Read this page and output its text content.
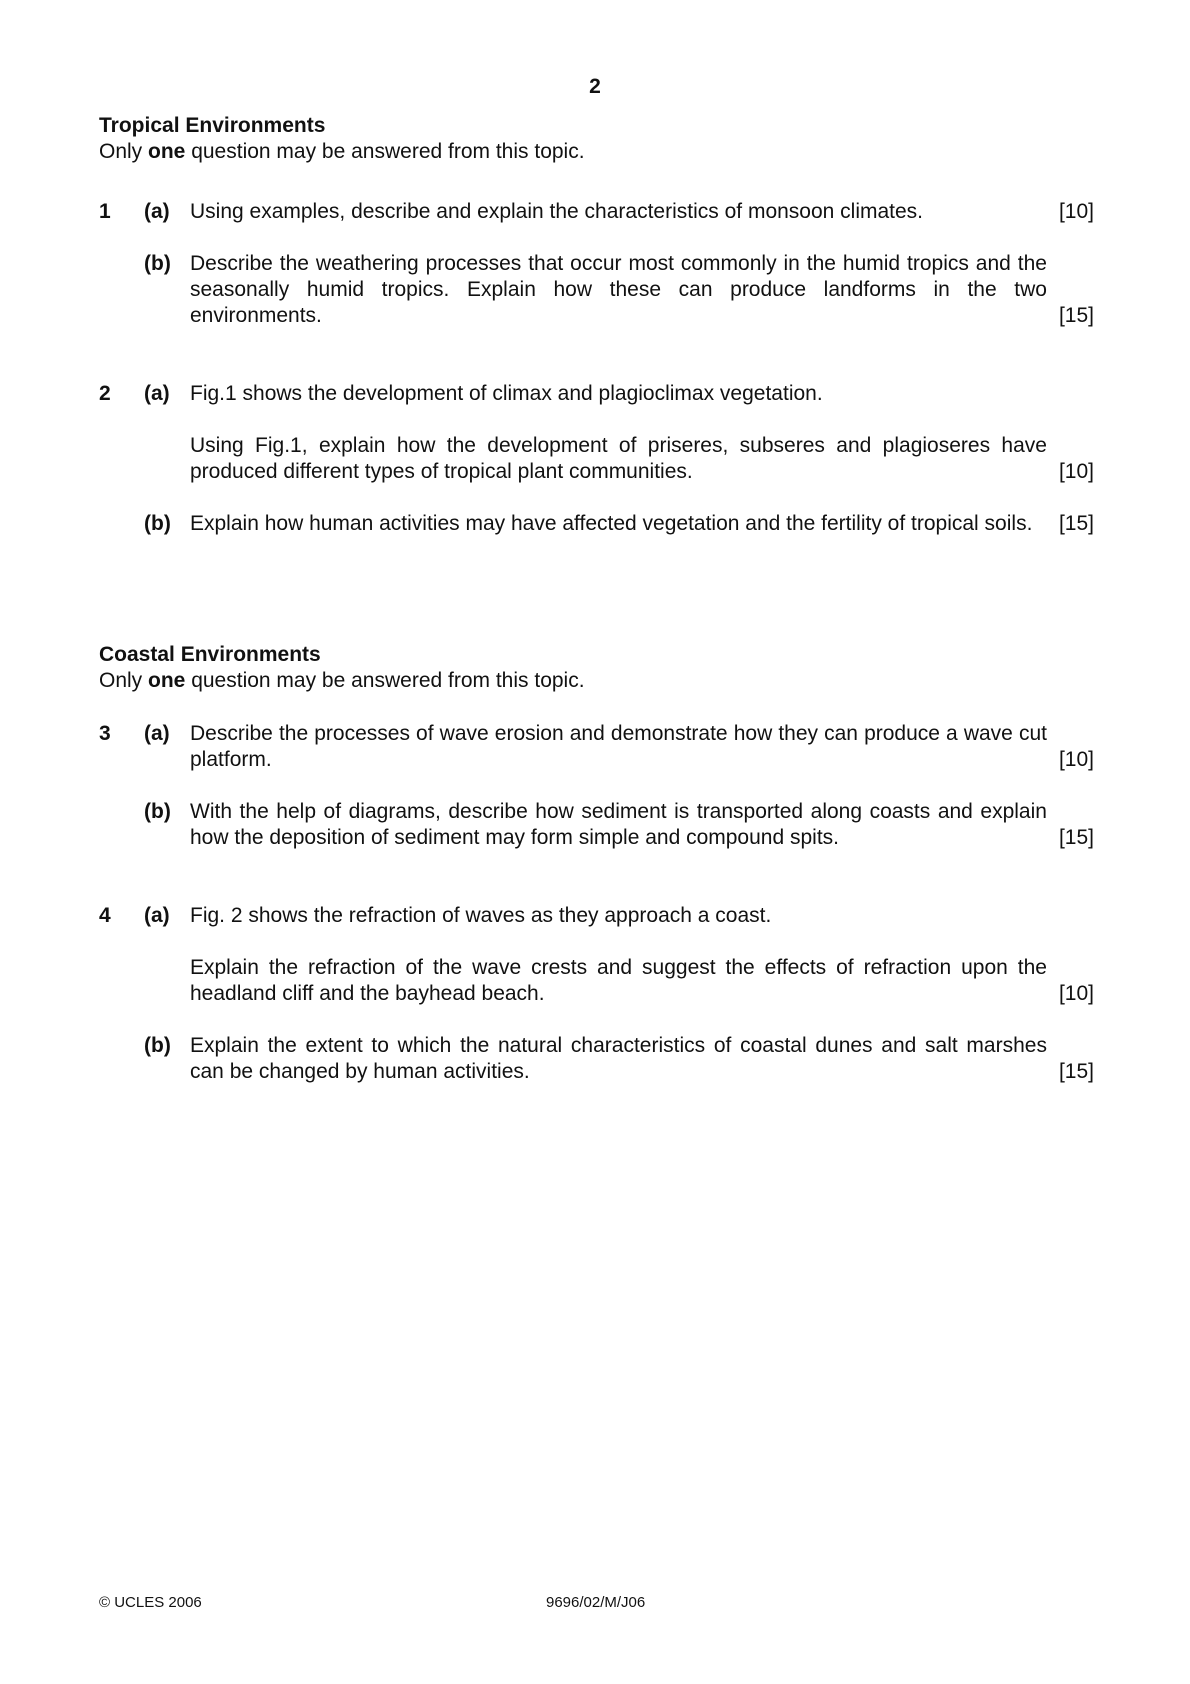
2
Tropical Environments
Only one question may be answered from this topic.
1 (a) Using examples, describe and explain the characteristics of monsoon climates.	[10]

(b) Describe the weathering processes that occur most commonly in the humid tropics and the seasonally humid tropics. Explain how these can produce landforms in the two environments.	[15]

2 (a) Fig.1 shows the development of climax and plagioclimax vegetation.

Using Fig.1, explain how the development of priseres, subseres and plagioseres have produced different types of tropical plant communities.	[10]

(b) Explain how human activities may have affected vegetation and the fertility of tropical soils.	[15]

Coastal Environments
Only one question may be answered from this topic.
3 (a) Describe the processes of wave erosion and demonstrate how they can produce a wave cut platform.	[10]

(b) With the help of diagrams, describe how sediment is transported along coasts and explain how the deposition of sediment may form simple and compound spits.	[15]

4 (a) Fig. 2 shows the refraction of waves as they approach a coast.

Explain the refraction of the wave crests and suggest the effects of refraction upon the headland cliff and the bayhead beach.	[10]

(b) Explain the extent to which the natural characteristics of coastal dunes and salt marshes can be changed by human activities.	[15]

© UCLES 2006	9696/02/M/J06
